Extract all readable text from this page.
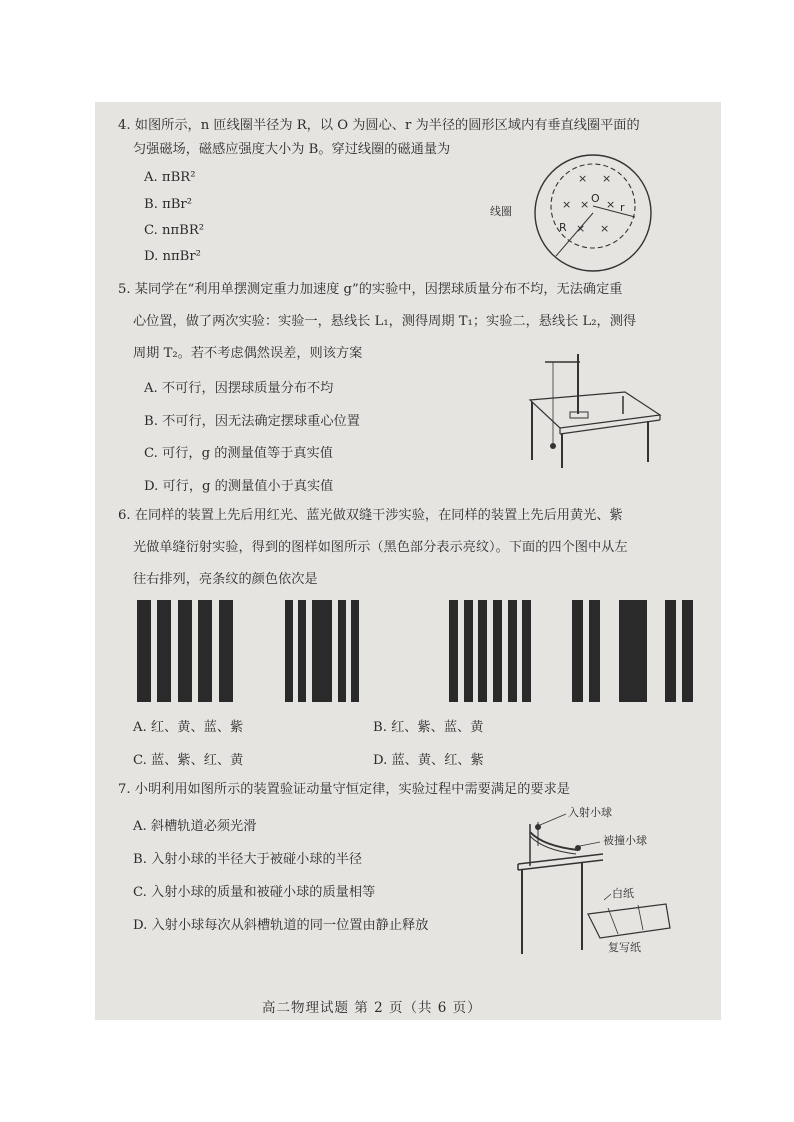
4. 如图所示，n 匝线圈半径为 R，以 O 为圆心、r 为半径的圆形区域内有垂直线圈平面的
匀强磁场，磁感应强度大小为 B。穿过线圈的磁通量为
A. πBR²
B. πBr²
C. nπBR²
D. nπBr²
线圈
× ×
× × ×
× ×
O
r
R
5. 某同学在“利用单摆测定重力加速度 g”的实验中，因摆球质量分布不均，无法确定重
心位置，做了两次实验：实验一，悬线长 L₁，测得周期 T₁；实验二，悬线长 L₂，测得
周期 T₂。若不考虑偶然误差，则该方案
A. 不可行，因摆球质量分布不均
B. 不可行，因无法确定摆球重心位置
C. 可行，g 的测量值等于真实值
D. 可行，g 的测量值小于真实值
6. 在同样的装置上先后用红光、蓝光做双缝干涉实验，在同样的装置上先后用黄光、紫
光做单缝衍射实验，得到的图样如图所示（黑色部分表示亮纹）。下面的四个图中从左
往右排列，亮条纹的颜色依次是
A. 红、黄、蓝、紫	B. 红、紫、蓝、黄
C. 蓝、紫、红、黄	D. 蓝、黄、红、紫
7. 小明利用如图所示的装置验证动量守恒定律，实验过程中需要满足的要求是
A. 斜槽轨道必须光滑
B. 入射小球的半径大于被碰小球的半径
C. 入射小球的质量和被碰小球的质量相等
D. 入射小球每次从斜槽轨道的同一位置由静止释放
入射小球
被撞小球
白纸
复写纸
高二物理试题 第 2 页（共 6 页）
